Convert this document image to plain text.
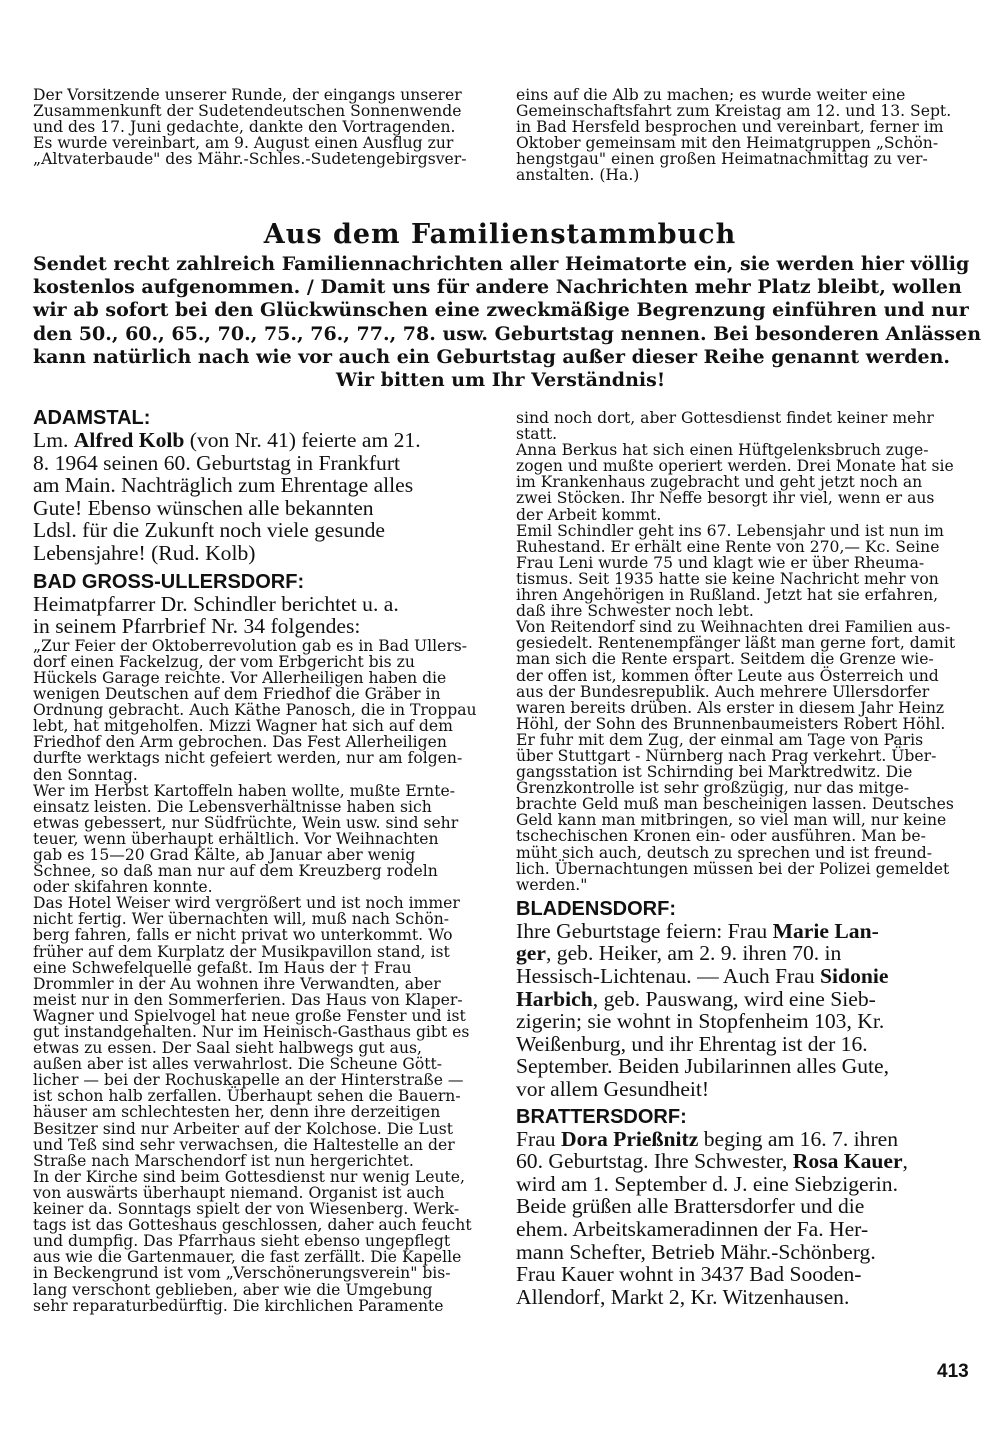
Der Vorsitzende unserer Runde, der eingangs unserer
Zusammenkunft der Sudetendeutschen Sonnenwende
und des 17. Juni gedachte, dankte den Vortragenden.
Es wurde vereinbart, am 9. August einen Ausflug zur
„Altvaterbaude" des Mähr.-Schles.-Sudetengebirgsver-
eins auf die Alb zu machen; es wurde weiter eine
Gemeinschaftsfahrt zum Kreistag am 12. und 13. Sept.
in Bad Hersfeld besprochen und vereinbart, ferner im
Oktober gemeinsam mit den Heimatgruppen „Schön-
hengstgau" einen großen Heimatnachmittag zu ver-
anstalten. (Ha.)
Aus dem Familienstammbuch
Sendet recht zahlreich Familiennachrichten aller Heimatorte ein, sie werden hier völlig
kostenlos aufgenommen. / Damit uns für andere Nachrichten mehr Platz bleibt, wollen
wir ab sofort bei den Glückwünschen eine zweckmäßige Begrenzung einführen und nur
den 50., 60., 65., 70., 75., 76., 77., 78. usw. Geburtstag nennen. Bei besonderen Anlässen
kann natürlich nach wie vor auch ein Geburtstag außer dieser Reihe genannt werden.
Wir bitten um Ihr Verständnis!

ADAMSTAL:

Lm. Alfred Kolb (von Nr. 41) feierte am 21.
8. 1964 seinen 60. Geburtstag in Frankfurt
am Main. Nachträglich zum Ehrentage alles
Gute! Ebenso wünschen alle bekannten
Ldsl. für die Zukunft noch viele gesunde
Lebensjahre! (Rud. Kolb)

BAD GROSS-ULLERSDORF:

Heimatpfarrer Dr. Schindler berichtet u. a.
in seinem Pfarrbrief Nr. 34 folgendes:
„Zur Feier der Oktoberrevolution gab es in Bad Ullers-
dorf einen Fackelzug, der vom Erbgericht bis zu
Hückels Garage reichte. Vor Allerheiligen haben die
wenigen Deutschen auf dem Friedhof die Gräber in
Ordnung gebracht. Auch Käthe Panosch, die in Troppau
lebt, hat mitgeholfen. Mizzi Wagner hat sich auf dem
Friedhof den Arm gebrochen. Das Fest Allerheiligen
durfte werktags nicht gefeiert werden, nur am folgen-
den Sonntag.
Wer im Herbst Kartoffeln haben wollte, mußte Ernte-
einsatz leisten. Die Lebensverhältnisse haben sich
etwas gebessert, nur Südfrüchte, Wein usw. sind sehr
teuer, wenn überhaupt erhältlich. Vor Weihnachten
gab es 15—20 Grad Kälte, ab Januar aber wenig
Schnee, so daß man nur auf dem Kreuzberg rodeln
oder skifahren konnte.
Das Hotel Weiser wird vergrößert und ist noch immer
nicht fertig. Wer übernachten will, muß nach Schön-
berg fahren, falls er nicht privat wo unterkommt. Wo
früher auf dem Kurplatz der Musikpavillon stand, ist
eine Schwefelquelle gefaßt. Im Haus der † Frau
Drommler in der Au wohnen ihre Verwandten, aber
meist nur in den Sommerferien. Das Haus von Klaper-
Wagner und Spielvogel hat neue große Fenster und ist
gut instandgehalten. Nur im Heinisch-Gasthaus gibt es
etwas zu essen. Der Saal sieht halbwegs gut aus,
außen aber ist alles verwahrlost. Die Scheune Gött-
licher — bei der Rochuskapelle an der Hinterstraße —
ist schon halb zerfallen. Überhaupt sehen die Bauern-
häuser am schlechtesten her, denn ihre derzeitigen
Besitzer sind nur Arbeiter auf der Kolchose. Die Lust
und Teß sind sehr verwachsen, die Haltestelle an der
Straße nach Marschendorf ist nun hergerichtet.
In der Kirche sind beim Gottesdienst nur wenig Leute,
von auswärts überhaupt niemand. Organist ist auch
keiner da. Sonntags spielt der von Wiesenberg. Werk-
tags ist das Gotteshaus geschlossen, daher auch feucht
und dumpfig. Das Pfarrhaus sieht ebenso ungepflegt
aus wie die Gartenmauer, die fast zerfällt. Die Kapelle
in Beckengrund ist vom „Verschönerungsverein" bis-
lang verschont geblieben, aber wie die Umgebung
sehr reparaturbedürftig. Die kirchlichen Paramente
sind noch dort, aber Gottesdienst findet keiner mehr
statt.
Anna Berkus hat sich einen Hüftgelenksbruch zuge-
zogen und mußte operiert werden. Drei Monate hat sie
im Krankenhaus zugebracht und geht jetzt noch an
zwei Stöcken. Ihr Neffe besorgt ihr viel, wenn er aus
der Arbeit kommt.
Emil Schindler geht ins 67. Lebensjahr und ist nun im
Ruhestand. Er erhält eine Rente von 270,— Kc. Seine
Frau Leni wurde 75 und klagt wie er über Rheuma-
tismus. Seit 1935 hatte sie keine Nachricht mehr von
ihren Angehörigen in Rußland. Jetzt hat sie erfahren,
daß ihre Schwester noch lebt.
Von Reitendorf sind zu Weihnachten drei Familien aus-
gesiedelt. Rentenempfänger läßt man gerne fort, damit
man sich die Rente erspart. Seitdem die Grenze wie-
der offen ist, kommen öfter Leute aus Österreich und
aus der Bundesrepublik. Auch mehrere Ullersdorfer
waren bereits drüben. Als erster in diesem Jahr Heinz
Höhl, der Sohn des Brunnenbaumeisters Robert Höhl.
Er fuhr mit dem Zug, der einmal am Tage von Paris
über Stuttgart - Nürnberg nach Prag verkehrt. Über-
gangsstation ist Schirnding bei Marktredwitz. Die
Grenzkontrolle ist sehr großzügig, nur das mitge-
brachte Geld muß man bescheinigen lassen. Deutsches
Geld kann man mitbringen, so viel man will, nur keine
tschechischen Kronen ein- oder ausführen. Man be-
müht sich auch, deutsch zu sprechen und ist freund-
lich. Übernachtungen müssen bei der Polizei gemeldet
werden."

BLADENSDORF:

Ihre Geburtstage feiern: Frau Marie Lan-
ger, geb. Heiker, am 2. 9. ihren 70. in
Hessisch-Lichtenau. — Auch Frau Sidonie
Harbich, geb. Pauswang, wird eine Sieb-
zigerin; sie wohnt in Stopfenheim 103, Kr.
Weißenburg, und ihr Ehrentag ist der 16.
September. Beiden Jubilarinnen alles Gute,
vor allem Gesundheit!

BRATTERSDORF:

Frau Dora Prießnitz beging am 16. 7. ihren
60. Geburtstag. Ihre Schwester, Rosa Kauer,
wird am 1. September d. J. eine Siebzigerin.
Beide grüßen alle Brattersdorfer und die
ehem. Arbeitskameradinnen der Fa. Her-
mann Schefter, Betrieb Mähr.-Schönberg.
Frau Kauer wohnt in 3437 Bad Sooden-
Allendorf, Markt 2, Kr. Witzenhausen.
413
